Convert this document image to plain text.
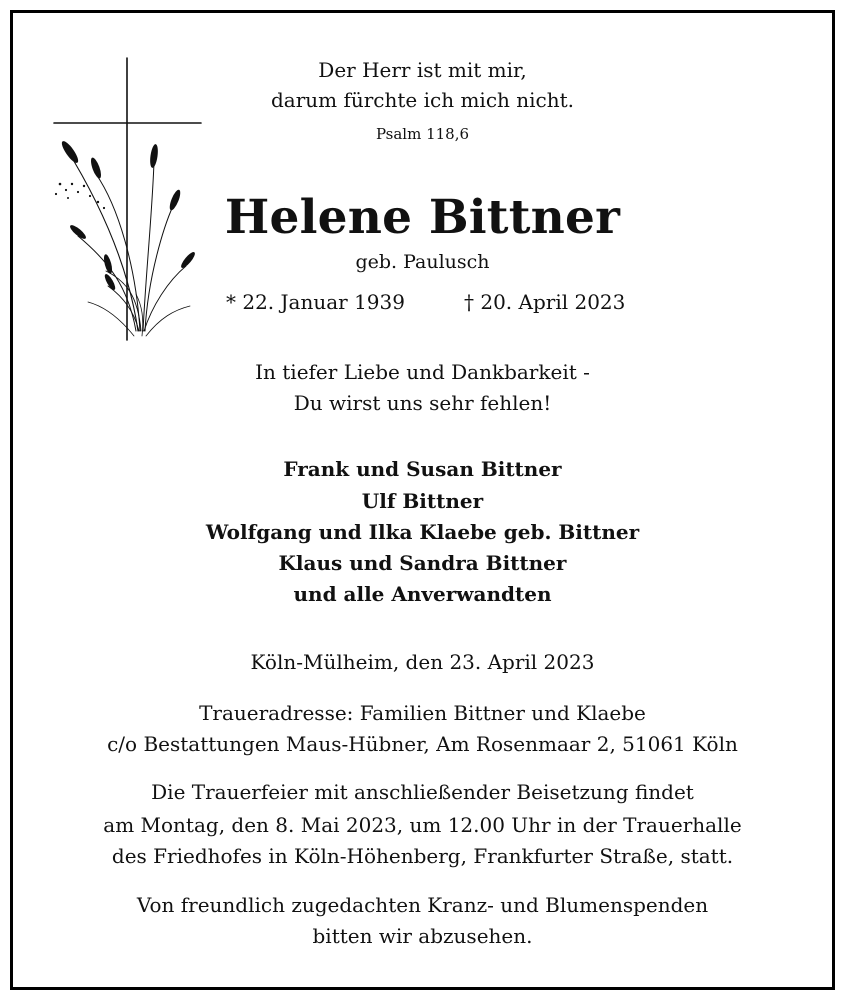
Der Herr ist mit mir,
darum fürchte ich mich nicht.
Psalm 118,6
Helene Bittner
geb. Paulusch
* 22. Januar 1939	† 20. April 2023
In tiefer Liebe und Dankbarkeit -
Du wirst uns sehr fehlen!
Frank und Susan Bittner
Ulf Bittner
Wolfgang und Ilka Klaebe geb. Bittner
Klaus und Sandra Bittner
und alle Anverwandten
Köln-Mülheim, den 23. April 2023
Traueradresse: Familien Bittner und Klaebe
c/o Bestattungen Maus-Hübner, Am Rosenmaar 2, 51061 Köln
Die Trauerfeier mit anschließender Beisetzung findet
am Montag, den 8. Mai 2023, um 12.00 Uhr in der Trauerhalle
des Friedhofes in Köln-Höhenberg, Frankfurter Straße, statt.
Von freundlich zugedachten Kranz- und Blumenspenden
bitten wir abzusehen.
